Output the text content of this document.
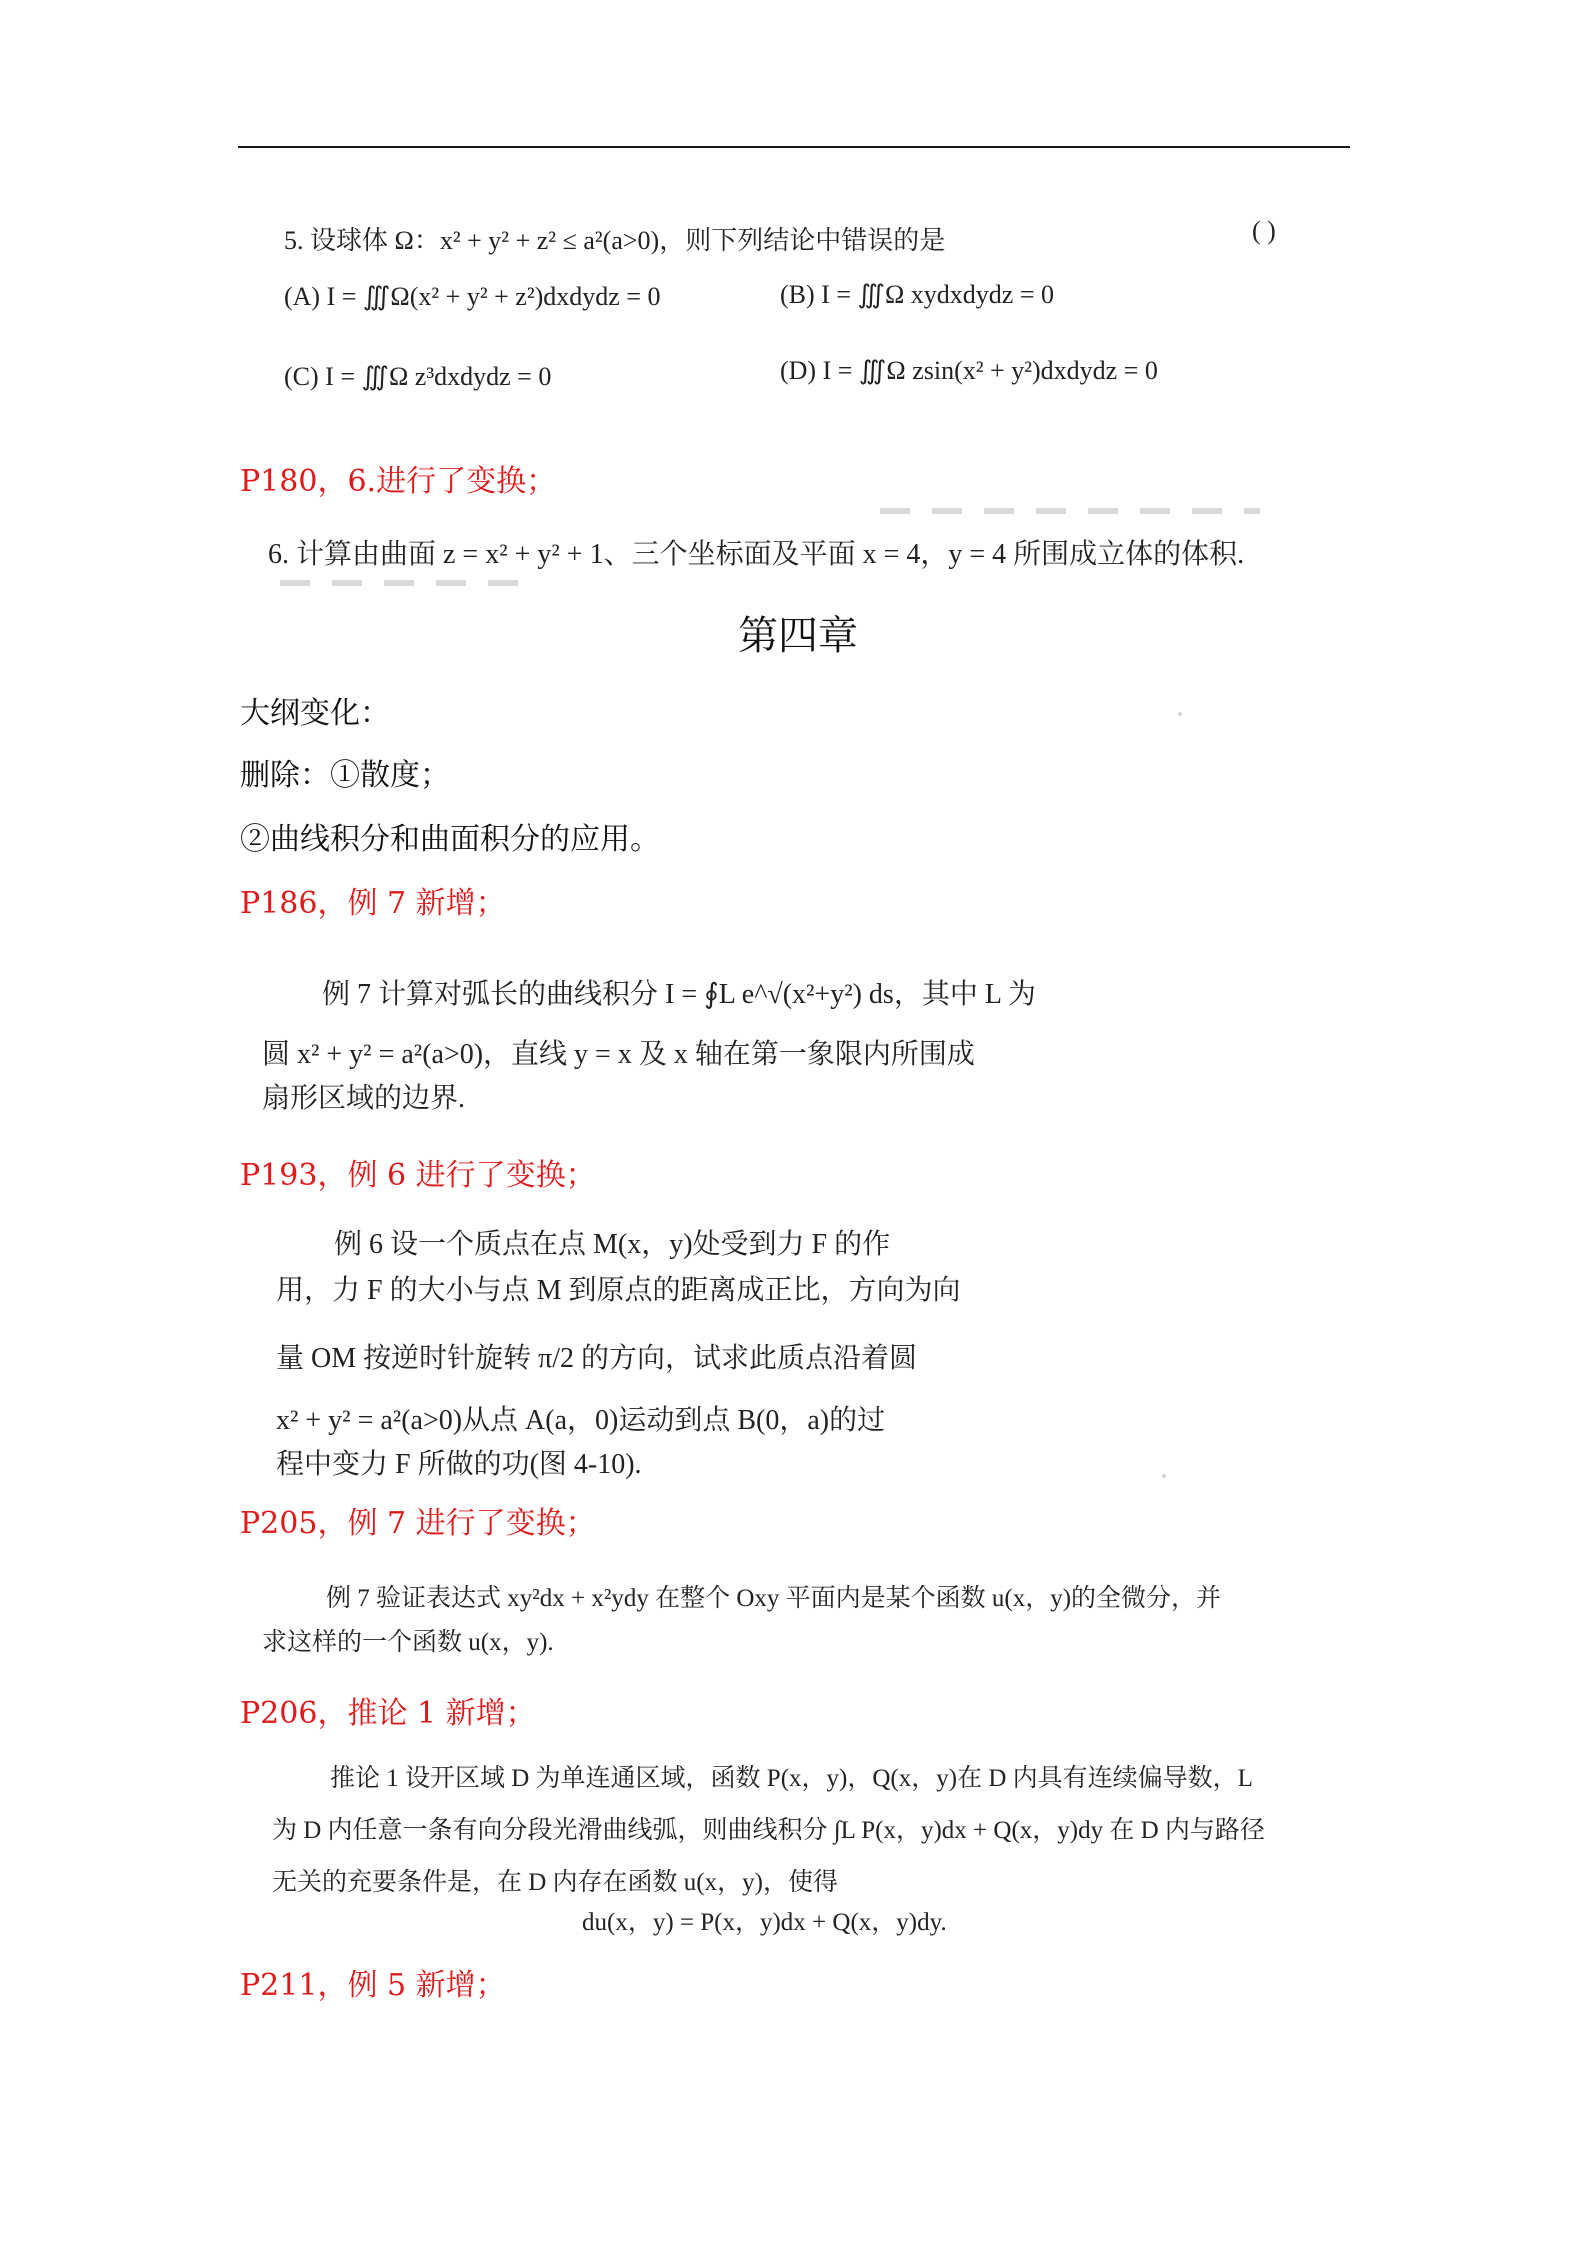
5. 设球体 Ω：x² + y² + z² ≤ a²(a>0)，则下列结论中错误的是	( )
(A) I = ∭Ω(x² + y² + z²)dxdydz = 0	(B) I = ∭Ω xydxdydz = 0
(C) I = ∭Ω z³dxdydz = 0	(D) I = ∭Ω zsin(x² + y²)dxdydz = 0
P180，6.进行了变换；
6. 计算由曲面 z = x² + y² + 1、三个坐标面及平面 x = 4，y = 4 所围成立体的体积.
第四章
大纲变化：
删除：①散度；
②曲线积分和曲面积分的应用。
P186，例 7 新增；
例 7 计算对弧长的曲线积分 I = ∮L e^√(x²+y²) ds，其中 L 为
圆 x² + y² = a²(a>0)，直线 y = x 及 x 轴在第一象限内所围成
扇形区域的边界.
P193，例 6 进行了变换；
例 6 设一个质点在点 M(x，y)处受到力 F 的作
用，力 F 的大小与点 M 到原点的距离成正比，方向为向
量 OM 按逆时针旋转 π/2 的方向，试求此质点沿着圆
x² + y² = a²(a>0)从点 A(a，0)运动到点 B(0，a)的过
程中变力 F 所做的功(图 4-10).
P205，例 7 进行了变换；
例 7 验证表达式 xy²dx + x²ydy 在整个 Oxy 平面内是某个函数 u(x，y)的全微分，并
求这样的一个函数 u(x，y).
P206，推论 1 新增；
推论 1 设开区域 D 为单连通区域，函数 P(x，y)，Q(x，y)在 D 内具有连续偏导数，L
为 D 内任意一条有向分段光滑曲线弧，则曲线积分 ∫L P(x，y)dx + Q(x，y)dy 在 D 内与路径
无关的充要条件是，在 D 内存在函数 u(x，y)，使得
du(x，y) = P(x，y)dx + Q(x，y)dy.
P211，例 5 新增；
